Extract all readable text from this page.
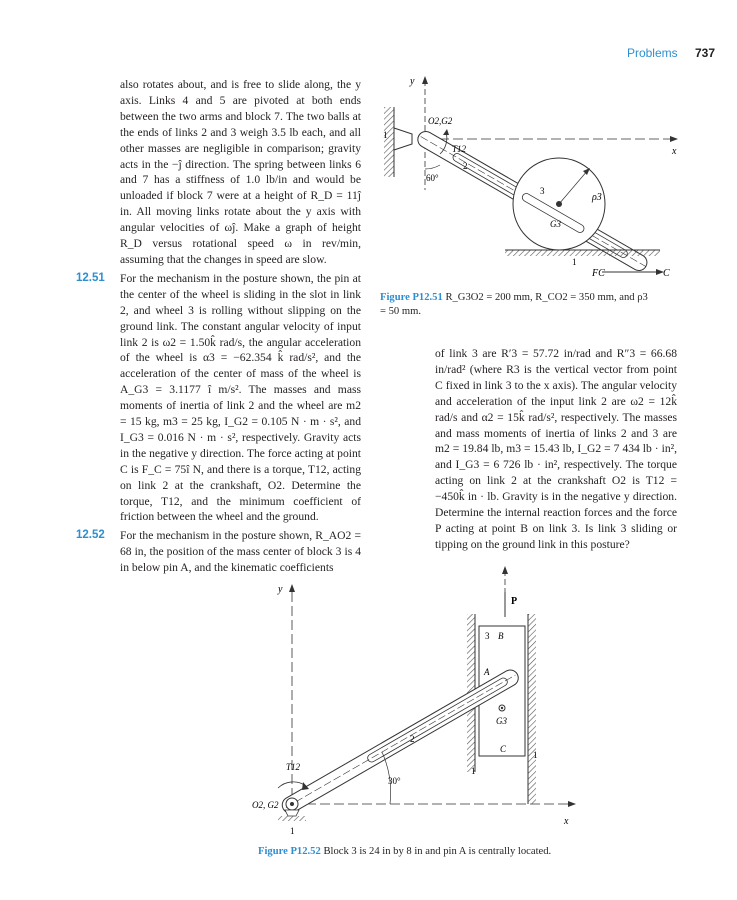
Problems 737

also rotates about, and is free to slide along, the y axis. Links 4 and 5 are pivoted at both ends between the two arms and block 7. The two balls at the ends of links 2 and 3 weigh 3.5 lb each, and all other masses are negligible in comparison; gravity acts in the −ĵ direction. The spring between links 6 and 7 has a stiffness of 1.0 lb/in and would be unloaded if block 7 were at a height of R_D = 11ĵ in. All moving links rotate about the y axis with angular velocities of ωĵ. Make a graph of height R_D versus rotational speed ω in rev/min, assuming that the changes in speed are slow.

12.51 For the mechanism in the posture shown, the pin at the center of the wheel is sliding in the slot in link 2, and wheel 3 is rolling without slipping on the ground link. The constant angular velocity of input link 2 is ω2 = 1.50k̂ rad/s, the angular acceleration of the wheel is α3 = −62.354 k̂ rad/s², and the acceleration of the center of mass of the wheel is A_G3 = 3.1177 î m/s². The masses and mass moments of inertia of link 2 and the wheel are m2 = 15 kg, m3 = 25 kg, I_G2 = 0.105 N · m · s², and I_G3 = 0.016 N · m · s², respectively. Gravity acts in the negative y direction. The force acting at point C is F_C = 75î N, and there is a torque, T12, acting on link 2 at the crankshaft, O2. Determine the torque, T12, and the minimum coefficient of friction between the wheel and the ground.

12.52 For the mechanism in the posture shown, R_AO2 = 68 in, the position of the mass center of block 3 is 4 in below pin A, and the kinematic coefficients

y
x
1
O2,G2
1
3
ρ3
G3
2
T12
60°
FC	C
Figure P12.51 R_G3O2 = 200 mm, R_CO2 = 350 mm, and ρ3 = 50 mm.

of link 3 are R′3 = 57.72 in/rad and R″3 = 66.68 in/rad² (where R3 is the vertical vector from point C fixed in link 3 to the x axis). The angular velocity and acceleration of the input link 2 are ω2 = 12k̂ rad/s and α2 = 15k̂ rad/s², respectively. The masses and mass moments of inertia of links 2 and 3 are m2 = 19.84 lb, m3 = 15.43 lb, I_G2 = 7 434 lb · in², and I_G3 = 6 726 lb · in², respectively. The torque acting on link 2 at the crankshaft O2 is T12 = −450k̂ in · lb. Gravity is in the negative y direction. Determine the internal reaction forces and the force P acting at point B on link 3. Is link 3 sliding or tipping on the ground link in this posture?

y
x
P
3 B
A
G3
C
1
1
2
1
O2, G2
T12
30°
Figure P12.52 Block 3 is 24 in by 8 in and pin A is centrally located.
